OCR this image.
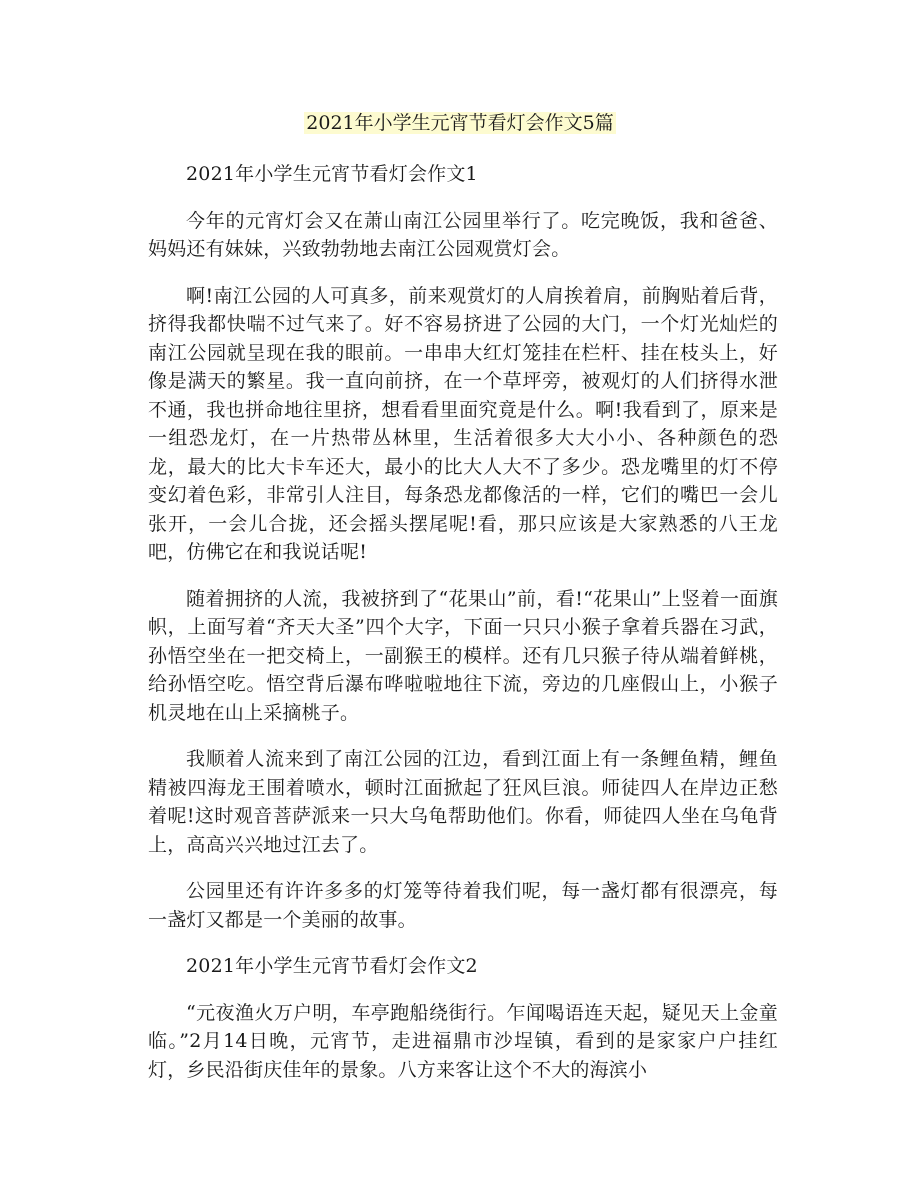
2021年小学生元宵节看灯会作文5篇

2021年小学生元宵节看灯会作文1

今年的元宵灯会又在萧山南江公园里举行了。吃完晚饭，我和爸爸、妈妈还有妹妹，兴致勃勃地去南江公园观赏灯会。

啊!南江公园的人可真多，前来观赏灯的人肩挨着肩，前胸贴着后背，挤得我都快喘不过气来了。好不容易挤进了公园的大门，一个灯光灿烂的南江公园就呈现在我的眼前。一串串大红灯笼挂在栏杆、挂在枝头上，好像是满天的繁星。我一直向前挤，在一个草坪旁，被观灯的人们挤得水泄不通，我也拼命地往里挤，想看看里面究竟是什么。啊!我看到了，原来是一组恐龙灯，在一片热带丛林里，生活着很多大大小小、各种颜色的恐龙，最大的比大卡车还大，最小的比大人大不了多少。恐龙嘴里的灯不停变幻着色彩，非常引人注目，每条恐龙都像活的一样，它们的嘴巴一会儿张开，一会儿合拢，还会摇头摆尾呢!看，那只应该是大家熟悉的八王龙吧，仿佛它在和我说话呢!

随着拥挤的人流，我被挤到了“花果山”前，看!“花果山”上竖着一面旗帜，上面写着“齐天大圣”四个大字，下面一只只小猴子拿着兵器在习武，孙悟空坐在一把交椅上，一副猴王的模样。还有几只猴子待从端着鲜桃，给孙悟空吃。悟空背后瀑布哗啦啦地往下流，旁边的几座假山上，小猴子机灵地在山上采摘桃子。

我顺着人流来到了南江公园的江边，看到江面上有一条鲤鱼精，鲤鱼精被四海龙王围着喷水，顿时江面掀起了狂风巨浪。师徒四人在岸边正愁着呢!这时观音菩萨派来一只大乌龟帮助他们。你看，师徒四人坐在乌龟背上，高高兴兴地过江去了。

公园里还有许许多多的灯笼等待着我们呢，每一盏灯都有很漂亮，每一盏灯又都是一个美丽的故事。

2021年小学生元宵节看灯会作文2

“元夜渔火万户明，车亭跑船绕街行。乍闻喝语连天起，疑见天上金童临。”2月14日晚，元宵节，走进福鼎市沙埕镇，看到的是家家户户挂红灯，乡民沿街庆佳年的景象。八方来客让这个不大的海滨小
